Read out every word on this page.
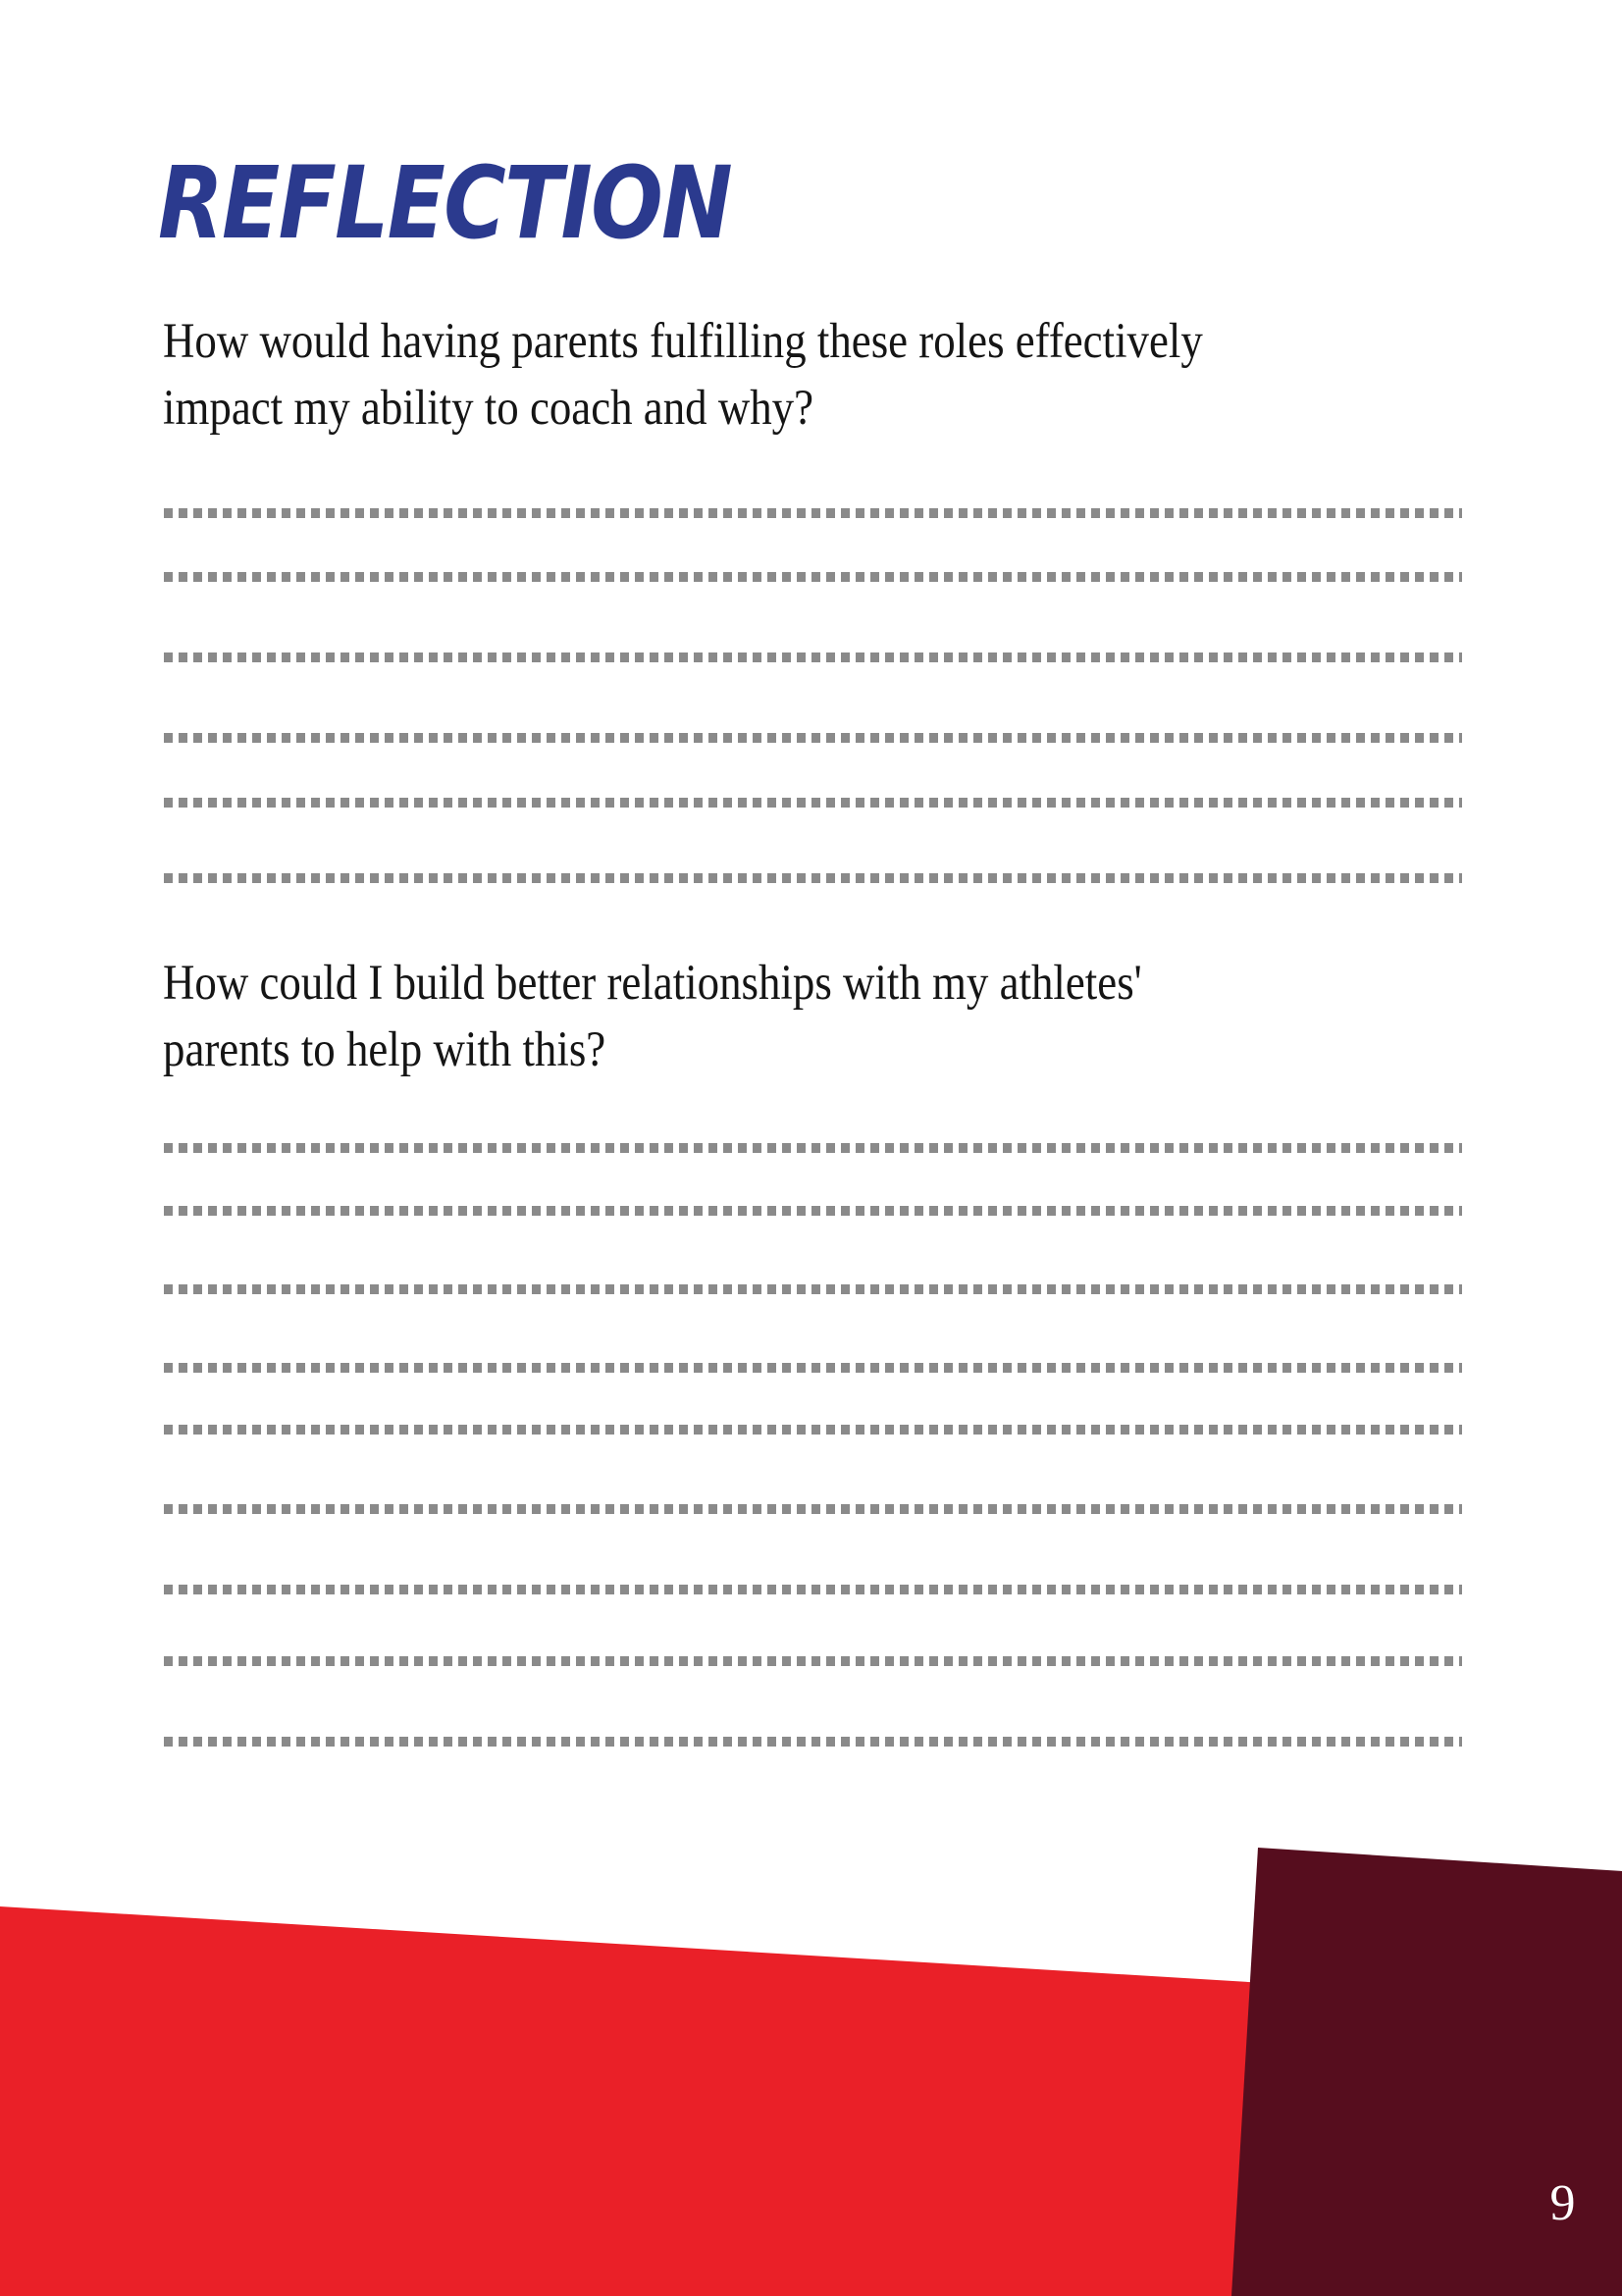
REFLECTION

How would having parents fulfilling these roles effectively
impact my ability to coach and why?

How could I build better relationships with my athletes'
parents to help with this?

9
